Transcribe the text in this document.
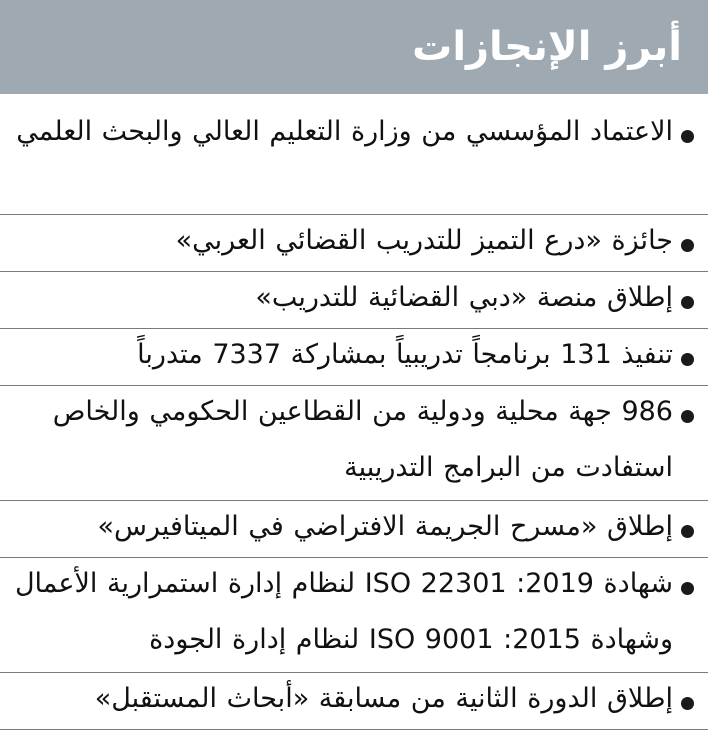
أبرز الإنجازات
الاعتماد المؤسسي من وزارة التعليم العالي والبحث العلمي
جائزة «درع التميز للتدريب القضائي العربي»
إطلاق منصة «دبي القضائية للتدريب»
تنفيذ 131 برنامجاً تدريبياً بمشاركة 7337 متدرباً
986 جهة محلية ودولية من القطاعين الحكومي والخاص استفادت من البرامج التدريبية
إطلاق «مسرح الجريمة الافتراضي في الميتافيرس»
شهادة ISO 22301 :2019 لنظام إدارة استمرارية الأعمال وشهادة ISO 9001 :2015 لنظام إدارة الجودة
إطلاق الدورة الثانية من مسابقة «أبحاث المستقبل»
